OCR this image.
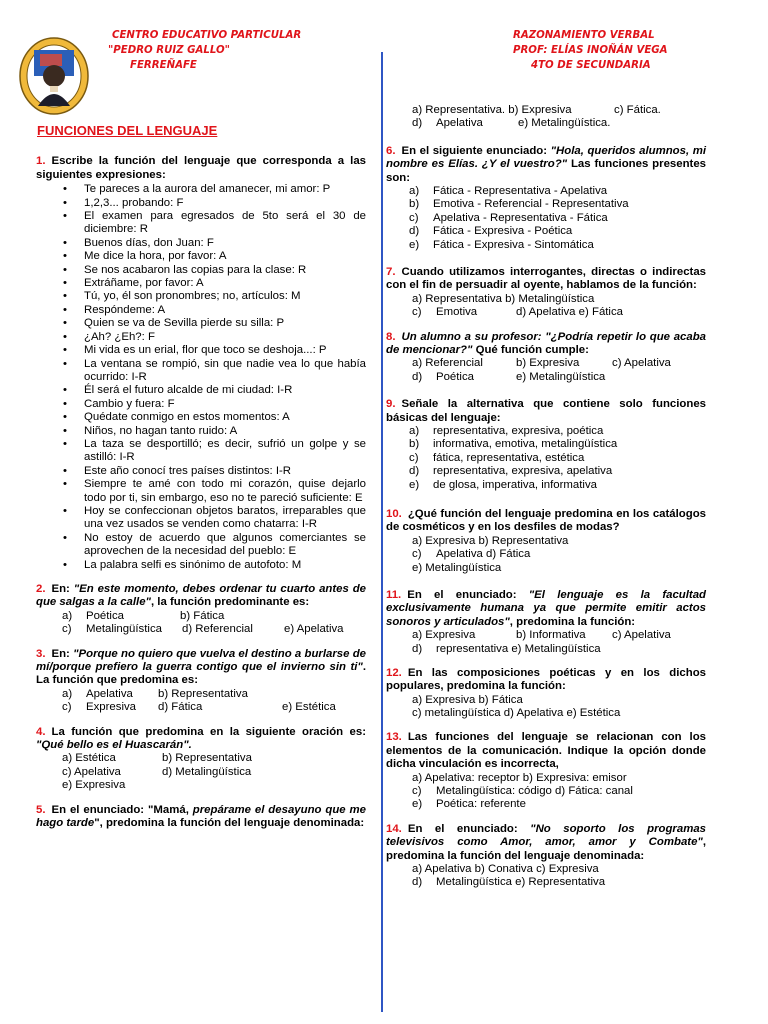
CENTRO EDUCATIVO PARTICULAR
"PEDRO RUIZ GALLO"
FERREÑAFE
RAZONAMIENTO VERBAL
PROF: ELÍAS INOÑÁN VEGA
4TO DE SECUNDARIA
FUNCIONES DEL LENGUAJE
1. Escribe la función del lenguaje que corresponda a las siguientes expresiones:
• Te pareces a la aurora del amanecer, mi amor: P
• 1,2,3... probando: F
• El examen para egresados de 5to será el 30 de diciembre: R
• Buenos días, don Juan: F
• Me dice la hora, por favor: A
• Se nos acabaron las copias para la clase: R
• Extráñame, por favor: A
• Tú, yo, él son pronombres; no, artículos: M
• Respóndeme: A
• Quien se va de Sevilla pierde su silla: P
• ¿Ah? ¿Eh?: F
• Mi vida es un erial, flor que toco se deshoja...: P
• La ventana se rompió, sin que nadie vea lo que había ocurrido: I-R
• Él será el futuro alcalde de mi ciudad: I-R
• Cambio y fuera: F
• Quédate conmigo en estos momentos: A
• Niños, no hagan tanto ruido: A
• La taza se desportilló; es decir, sufrió un golpe y se astilló: I-R
• Este año conocí tres países distintos: I-R
• Siempre te amé con todo mi corazón, quise dejarlo todo por ti, sin embargo, eso no te pareció suficiente: E
• Hoy se confeccionan objetos baratos, irreparables que una vez usados se venden como chatarra: I-R
• No estoy de acuerdo que algunos comerciantes se aprovechen de la necesidad del pueblo: E
• La palabra selfi es sinónimo de autofoto: M
2. En: "En este momento, debes ordenar tu cuarto antes de que salgas a la calle", la función predominante es:
a) Poética	b) Fática
c) Metalingüística d) Referencial	e) Apelativa
3. En: "Porque no quiero que vuelva el destino a burlarse de mí/porque prefiero la guerra contigo que el invierno sin ti". La función que predomina es:
a) Apelativa b) Representativa
c) Expresiva d) Fática	e) Estética
4. La función que predomina en la siguiente oración es: "Qué bello es el Huascarán".
a) Estética	b) Representativa
c) Apelativa	d) Metalingüística
e) Expresiva
5. En el enunciado: "Mamá, prepárame el desayuno que me hago tarde", predomina la función del lenguaje denominada:
a) Representativa. b) Expresiva	c) Fática.
d) Apelativa	e) Metalingüística.
6. En el siguiente enunciado: "Hola, queridos alumnos, mi nombre es Elías. ¿Y el vuestro?" Las funciones presentes son:
a) Fática - Representativa - Apelativa
b) Emotiva - Referencial - Representativa
c) Apelativa - Representativa - Fática
d) Fática - Expresiva - Poética
e) Fática - Expresiva - Sintomática
7. Cuando utilizamos interrogantes, directas o indirectas con el fin de persuadir al oyente, hablamos de la función:
a) Representativa b) Metalingüística
c) Emotiva	d) Apelativa e) Fática
8. Un alumno a su profesor: "¿Podría repetir lo que acaba de mencionar?" Qué función cumple:
a) Referencial	b) Expresiva	c) Apelativa
d) Poética	e) Metalingüística
9. Señale la alternativa que contiene solo funciones básicas del lenguaje:
a) representativa, expresiva, poética
b) informativa, emotiva, metalingüística
c) fática, representativa, estética
d) representativa, expresiva, apelativa
e) de glosa, imperativa, informativa
10. ¿Qué función del lenguaje predomina en los catálogos de cosméticos y en los desfiles de modas?
a) Expresiva b) Representativa
c) Apelativa d) Fática
e) Metalingüística
11. En el enunciado: "El lenguaje es la facultad exclusivamente humana ya que permite emitir actos sonoros y articulados", predomina la función:
a) Expresiva	b) Informativa c) Apelativa
d) representativa e) Metalingüística
12. En las composiciones poéticas y en los dichos populares, predomina la función:
a) Expresiva b) Fática
c) metalingüística d) Apelativa e) Estética
13. Las funciones del lenguaje se relacionan con los elementos de la comunicación. Indique la opción donde dicha vinculación es incorrecta,
a) Apelativa: receptor b) Expresiva: emisor
c) Metalingüística: código d) Fática: canal
e) Poética: referente
14. En el enunciado: "No soporto los programas televisivos como Amor, amor, amor y Combate", predomina la función del lenguaje denominada:
a) Apelativa b) Conativa c) Expresiva
d) Metalingüística e) Representativa
